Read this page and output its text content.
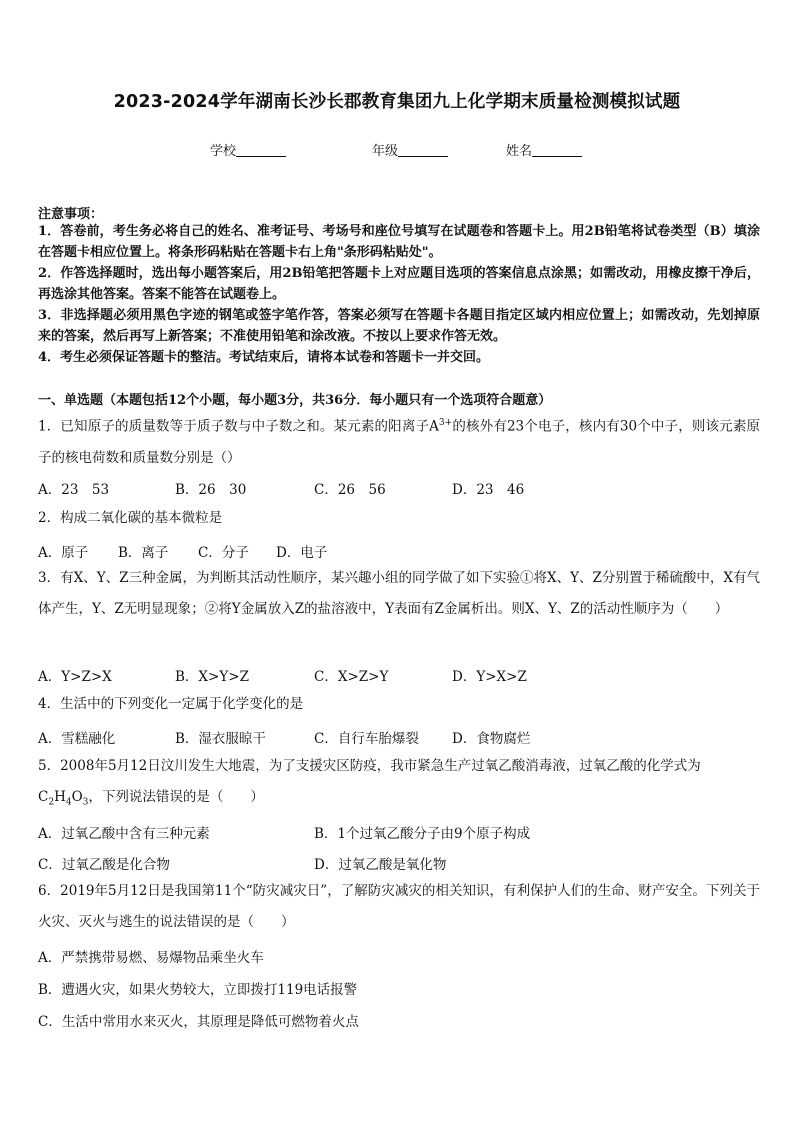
2023-2024学年湖南长沙长郡教育集团九上化学期末质量检测模拟试题
学校	年级	姓名
注意事项：

1．答卷前，考生务必将自己的姓名、准考证号、考场号和座位号填写在试题卷和答题卡上。用2B铅笔将试卷类型（B）填涂在答题卡相应位置上。将条形码粘贴在答题卡右上角"条形码粘贴处"。

2．作答选择题时，选出每小题答案后，用2B铅笔把答题卡上对应题目选项的答案信息点涂黑；如需改动，用橡皮擦干净后，再选涂其他答案。答案不能答在试题卷上。

3．非选择题必须用黑色字迹的钢笔或签字笔作答，答案必须写在答题卡各题目指定区域内相应位置上；如需改动，先划掉原来的答案，然后再写上新答案；不准使用铅笔和涂改液。不按以上要求作答无效。

4．考生必须保证答题卡的整洁。考试结束后，请将本试卷和答题卡一并交回。

一、单选题（本题包括12个小题，每小题3分，共36分．每小题只有一个选项符合题意）
1．已知原子的质量数等于质子数与中子数之和。某元素的阳离子$A^{3+}$的核外有23个电子，核内有30个中子，则该元素原子的核电荷数和质量数分别是（）
A．23　53	B．26　30	C．26　56	D．23　46
2．构成二氧化碳的基本微粒是
A．原子 B．离子 C．分子 D．电子
3．有X、Y、Z三种金属，为判断其活动性顺序，某兴趣小组的同学做了如下实验①将X、Y、Z分别置于稀硫酸中，X有气体产生，Y、Z无明显现象；②将Y金属放入Z的盐溶液中，Y表面有Z金属析出。则X、Y、Z的活动性顺序为（　　）
A．Y>Z>X	B．X>Y>Z	C．X>Z>Y	D．Y>X>Z
4．生活中的下列变化一定属于化学变化的是
A．雪糕融化	B．湿衣服晾干	C．自行车胎爆裂 D．食物腐烂
5．2008年5月12日汶川发生大地震，为了支援灾区防疫，我市紧急生产过氧乙酸消毒液，过氧乙酸的化学式为
$C_2H_4O_3$，下列说法错误的是（　　）
A．过氧乙酸中含有三种元素	B．1个过氧乙酸分子由9个原子构成
C．过氧乙酸是化合物	D．过氧乙酸是氧化物
6．2019年5月12日是我国第11个“防灾减灾日”，了解防灾减灾的相关知识，有利保护人们的生命、财产安全。下列关于火灾、灭火与逃生的说法错误的是（　　）
A．严禁携带易燃、易爆物品乘坐火车
B．遭遇火灾，如果火势较大，立即拨打119电话报警
C．生活中常用水来灭火，其原理是降低可燃物着火点
